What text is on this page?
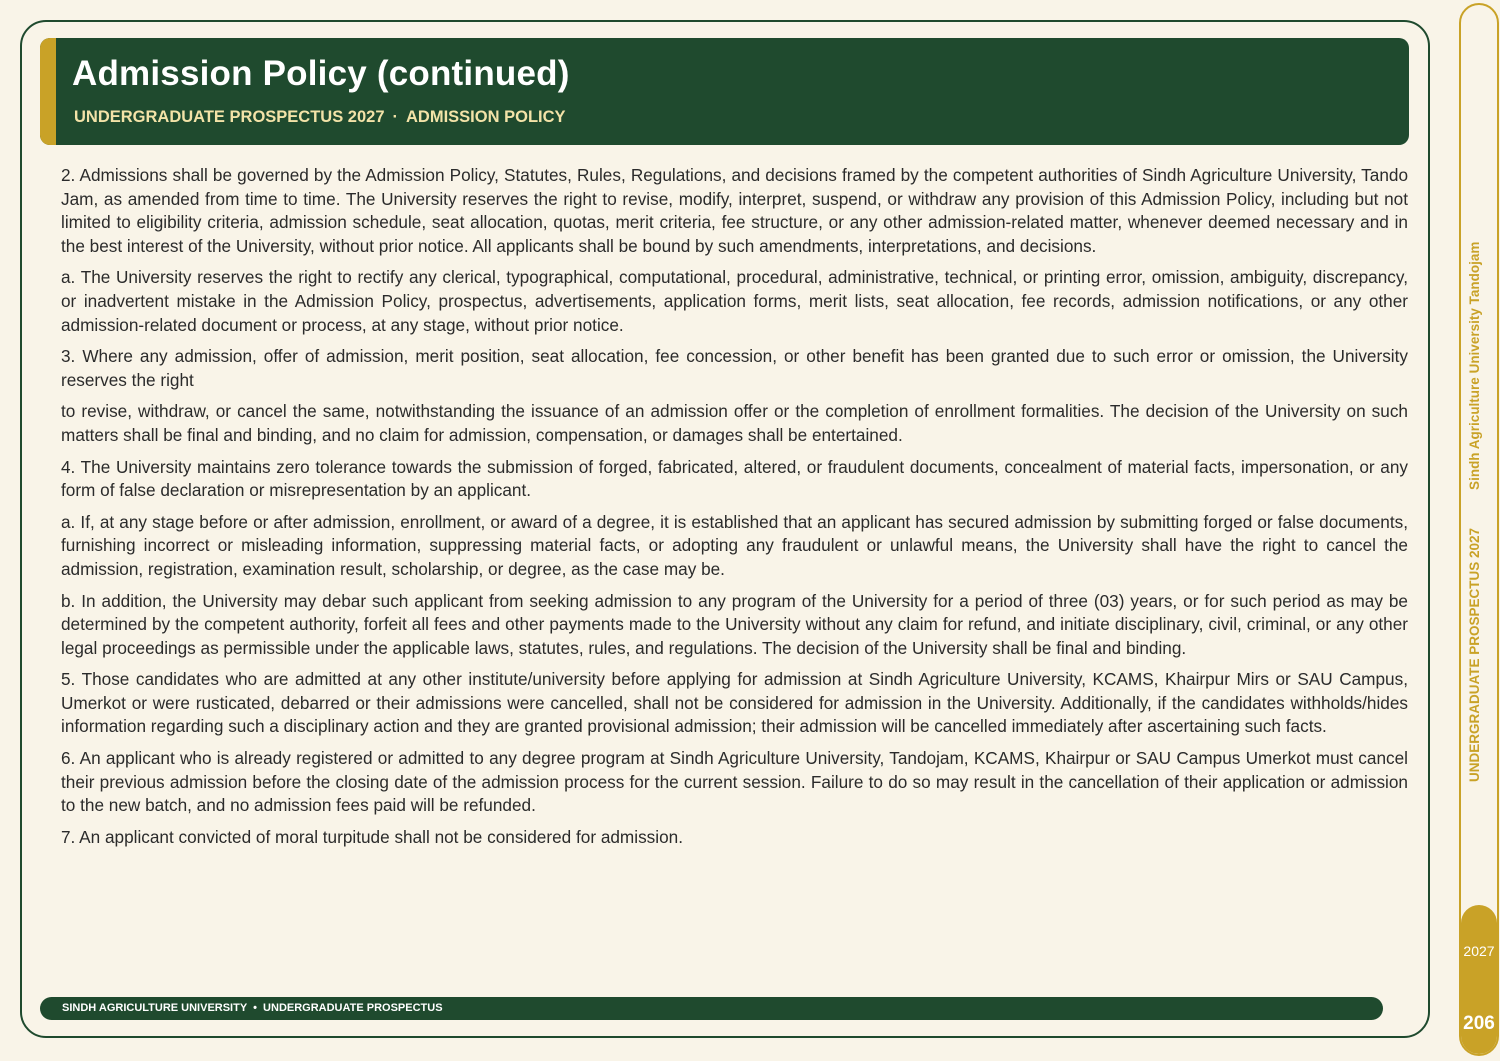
Admission Policy (continued)
UNDERGRADUATE PROSPECTUS 2027 · ADMISSION POLICY

2. Admissions shall be governed by the Admission Policy, Statutes, Rules, Regulations, and decisions framed by the competent authorities of Sindh Agriculture University, Tando Jam, as amended from time to time. The University reserves the right to revise, modify, interpret, suspend, or withdraw any provision of this Admission Policy, including but not limited to eligibility criteria, admission schedule, seat allocation, quotas, merit criteria, fee structure, or any other admission-related matter, whenever deemed necessary and in the best interest of the University, without prior notice. All applicants shall be bound by such amendments, interpretations, and decisions.

a. The University reserves the right to rectify any clerical, typographical, computational, procedural, administrative, technical, or printing error, omission, ambiguity, discrepancy, or inadvertent mistake in the Admission Policy, prospectus, advertisements, application forms, merit lists, seat allocation, fee records, admission notifications, or any other admission-related document or process, at any stage, without prior notice.

3. Where any admission, offer of admission, merit position, seat allocation, fee concession, or other benefit has been granted due to such error or omission, the University reserves the right

to revise, withdraw, or cancel the same, notwithstanding the issuance of an admission offer or the completion of enrollment formalities. The decision of the University on such matters shall be final and binding, and no claim for admission, compensation, or damages shall be entertained.

4. The University maintains zero tolerance towards the submission of forged, fabricated, altered, or fraudulent documents, concealment of material facts, impersonation, or any form of false declaration or misrepresentation by an applicant.

a. If, at any stage before or after admission, enrollment, or award of a degree, it is established that an applicant has secured admission by submitting forged or false documents, furnishing incorrect or misleading information, suppressing material facts, or adopting any fraudulent or unlawful means, the University shall have the right to cancel the admission, registration, examination result, scholarship, or degree, as the case may be.

b. In addition, the University may debar such applicant from seeking admission to any program of the University for a period of three (03) years, or for such period as may be determined by the competent authority, forfeit all fees and other payments made to the University without any claim for refund, and initiate disciplinary, civil, criminal, or any other legal proceedings as permissible under the applicable laws, statutes, rules, and regulations. The decision of the University shall be final and binding.

5. Those candidates who are admitted at any other institute/university before applying for admission at Sindh Agriculture University, KCAMS, Khairpur Mirs or SAU Campus, Umerkot or were rusticated, debarred or their admissions were cancelled, shall not be considered for admission in the University. Additionally, if the candidates withholds/hides information regarding such a disciplinary action and they are granted provisional admission; their admission will be cancelled immediately after ascertaining such facts.

6. An applicant who is already registered or admitted to any degree program at Sindh Agriculture University, Tandojam, KCAMS, Khairpur or SAU Campus Umerkot must cancel their previous admission before the closing date of the admission process for the current session. Failure to do so may result in the cancellation of their application or admission to the new batch, and no admission fees paid will be refunded.

7. An applicant convicted of moral turpitude shall not be considered for admission.

SINDH AGRICULTURE UNIVERSITY  •  UNDERGRADUATE PROSPECTUS
2027
206
UNDERGRADUATE PROSPECTUS 2027Sindh Agriculture University Tandojam
